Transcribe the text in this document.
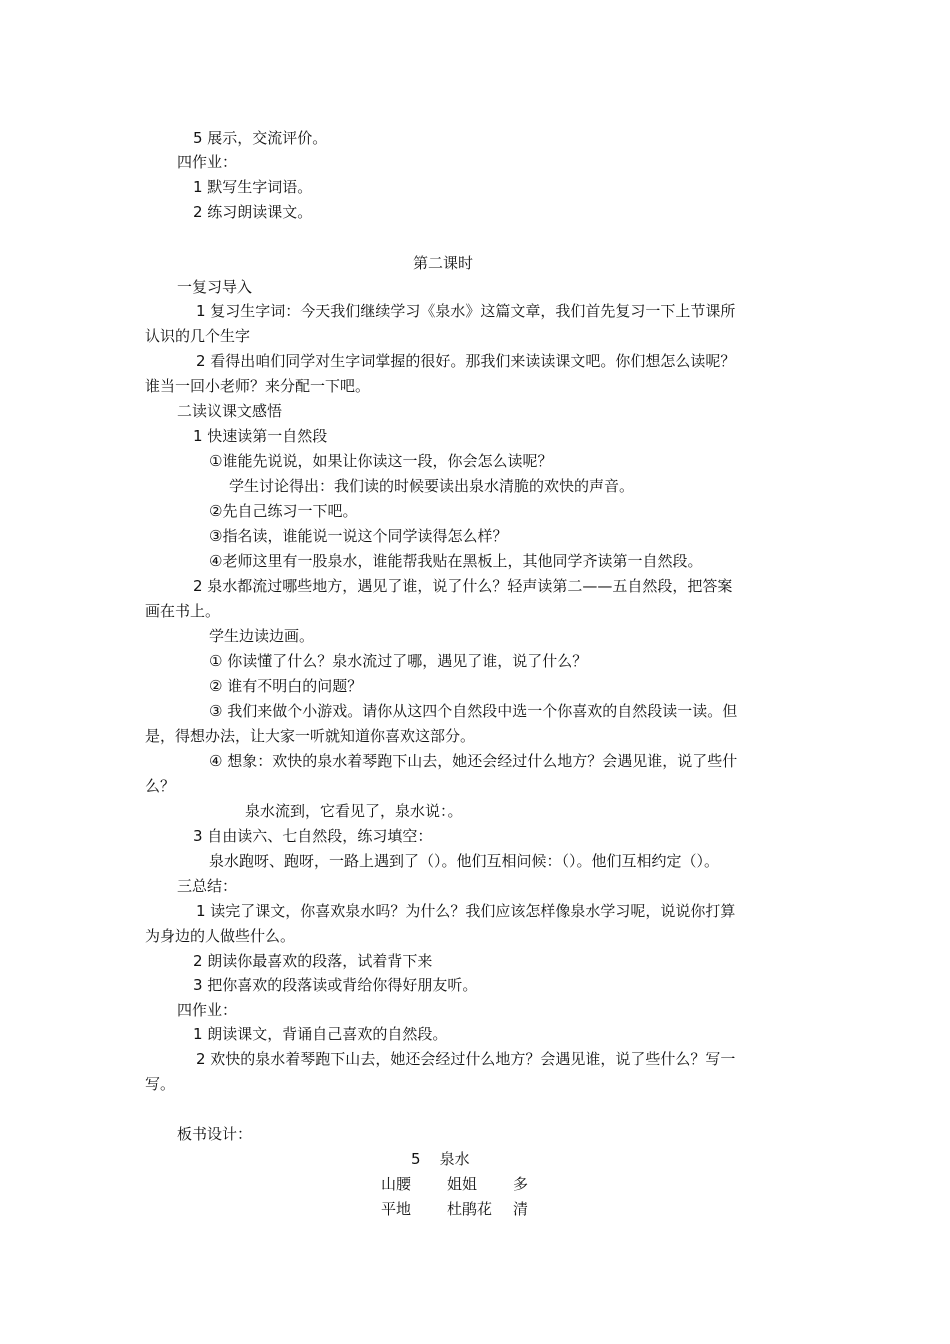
5 展示，交流评价。
四作业：
1 默写生字词语。
2 练习朗读课文。
第二课时
一复习导入
1 复习生字词：今天我们继续学习《泉水》这篇文章，我们首先复习一下上节课所
认识的几个生字
2 看得出咱们同学对生字词掌握的很好。那我们来读读课文吧。你们想怎么读呢？
谁当一回小老师？来分配一下吧。
二读议课文感悟
1 快速读第一自然段
①谁能先说说，如果让你读这一段，你会怎么读呢？
学生讨论得出：我们读的时候要读出泉水清脆的欢快的声音。
②先自己练习一下吧。
③指名读，谁能说一说这个同学读得怎么样？
④老师这里有一股泉水，谁能帮我贴在黑板上，其他同学齐读第一自然段。
2 泉水都流过哪些地方，遇见了谁，说了什么？轻声读第二——五自然段，把答案
画在书上。
学生边读边画。
① 你读懂了什么？泉水流过了哪，遇见了谁，说了什么？
② 谁有不明白的问题？
③ 我们来做个小游戏。请你从这四个自然段中选一个你喜欢的自然段读一读。但
是，得想办法，让大家一听就知道你喜欢这部分。
④ 想象：欢快的泉水着琴跑下山去，她还会经过什么地方？会遇见谁，说了些什
么？
泉水流到，它看见了，泉水说：。
3 自由读六、七自然段，练习填空：
泉水跑呀、跑呀，一路上遇到了（）。他们互相问候：（）。他们互相约定（）。
三总结：
1 读完了课文，你喜欢泉水吗？为什么？我们应该怎样像泉水学习呢，说说你打算
为身边的人做些什么。
2 朗读你最喜欢的段落，试着背下来
3 把你喜欢的段落读或背给你得好朋友听。
四作业：
1 朗读课文，背诵自己喜欢的自然段。
2 欢快的泉水着琴跑下山去，她还会经过什么地方？会遇见谁，说了些什么？写一
写。
板书设计：
5    泉水
山腰 姐姐 多
平地 杜鹃花 清
